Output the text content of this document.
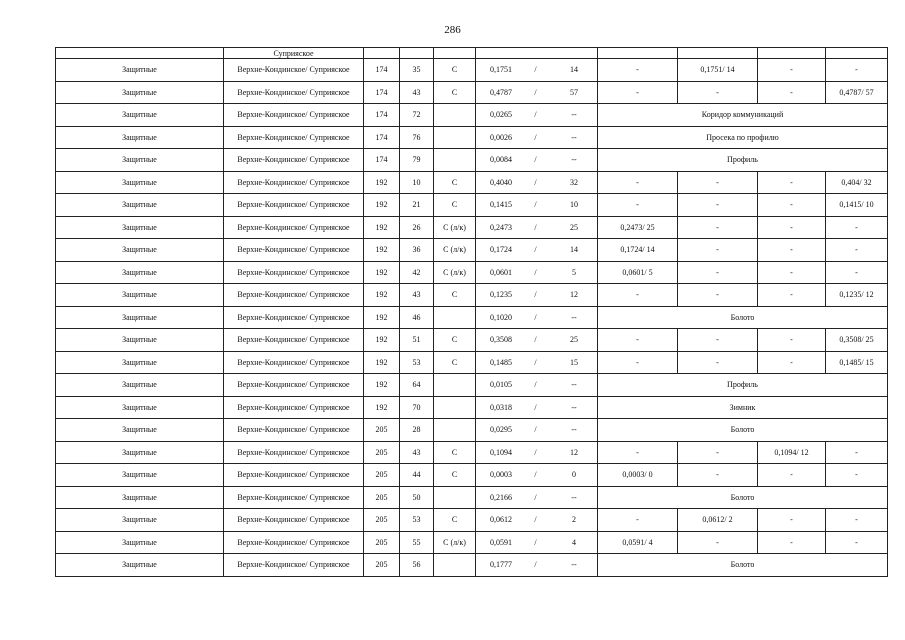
286
	Суприяское								
Защитные	Верхне-Кондинское/ Суприяское	174	35	С	0,1751 / 14	-	0,1751/ 14	-	-
Защитные	Верхне-Кондинское/ Суприяское	174	43	С	0,4787 / 57	-	-	-	0,4787/ 57
Защитные	Верхне-Кондинское/ Суприяское	174	72		0,0265 / --	Коридор коммуникаций			
Защитные	Верхне-Кондинское/ Суприяское	174	76		0,0026 / --	Просека по профилю			
Защитные	Верхне-Кондинское/ Суприяское	174	79		0,0084 / --	Профиль			
Защитные	Верхне-Кондинское/ Суприяское	192	10	С	0,4040 / 32	-	-	-	0,404/ 32
Защитные	Верхне-Кондинское/ Суприяское	192	21	С	0,1415 / 10	-	-	-	0,1415/ 10
Защитные	Верхне-Кондинское/ Суприяское	192	26	С (л/к)	0,2473 / 25	0,2473/ 25	-	-	-
Защитные	Верхне-Кондинское/ Суприяское	192	36	С (л/к)	0,1724 / 14	0,1724/ 14	-	-	-
Защитные	Верхне-Кондинское/ Суприяское	192	42	С (л/к)	0,0601 / 5	0,0601/ 5	-	-	-
Защитные	Верхне-Кондинское/ Суприяское	192	43	С	0,1235 / 12	-	-	-	0,1235/ 12
Защитные	Верхне-Кондинское/ Суприяское	192	46		0,1020 / --	Болото			
Защитные	Верхне-Кондинское/ Суприяское	192	51	С	0,3508 / 25	-	-	-	0,3508/ 25
Защитные	Верхне-Кондинское/ Суприяское	192	53	С	0,1485 / 15	-	-	-	0,1485/ 15
Защитные	Верхне-Кондинское/ Суприяское	192	64		0,0105 / --	Профиль			
Защитные	Верхне-Кондинское/ Суприяское	192	70		0,0318 / --	Зимник			
Защитные	Верхне-Кондинское/ Суприяское	205	28		0,0295 / --	Болото			
Защитные	Верхне-Кондинское/ Суприяское	205	43	С	0,1094 / 12	-	-	0,1094/ 12	-
Защитные	Верхне-Кондинское/ Суприяское	205	44	С	0,0003 / 0	0,0003/ 0	-	-	-
Защитные	Верхне-Кондинское/ Суприяское	205	50		0,2166 / --	Болото			
Защитные	Верхне-Кондинское/ Суприяское	205	53	С	0,0612 / 2	-	0,0612/ 2	-	-
Защитные	Верхне-Кондинское/ Суприяское	205	55	С (л/к)	0,0591 / 4	0,0591/ 4	-	-	-
Защитные	Верхне-Кондинское/ Суприяское	205	56		0,1777 / --	Болото			
